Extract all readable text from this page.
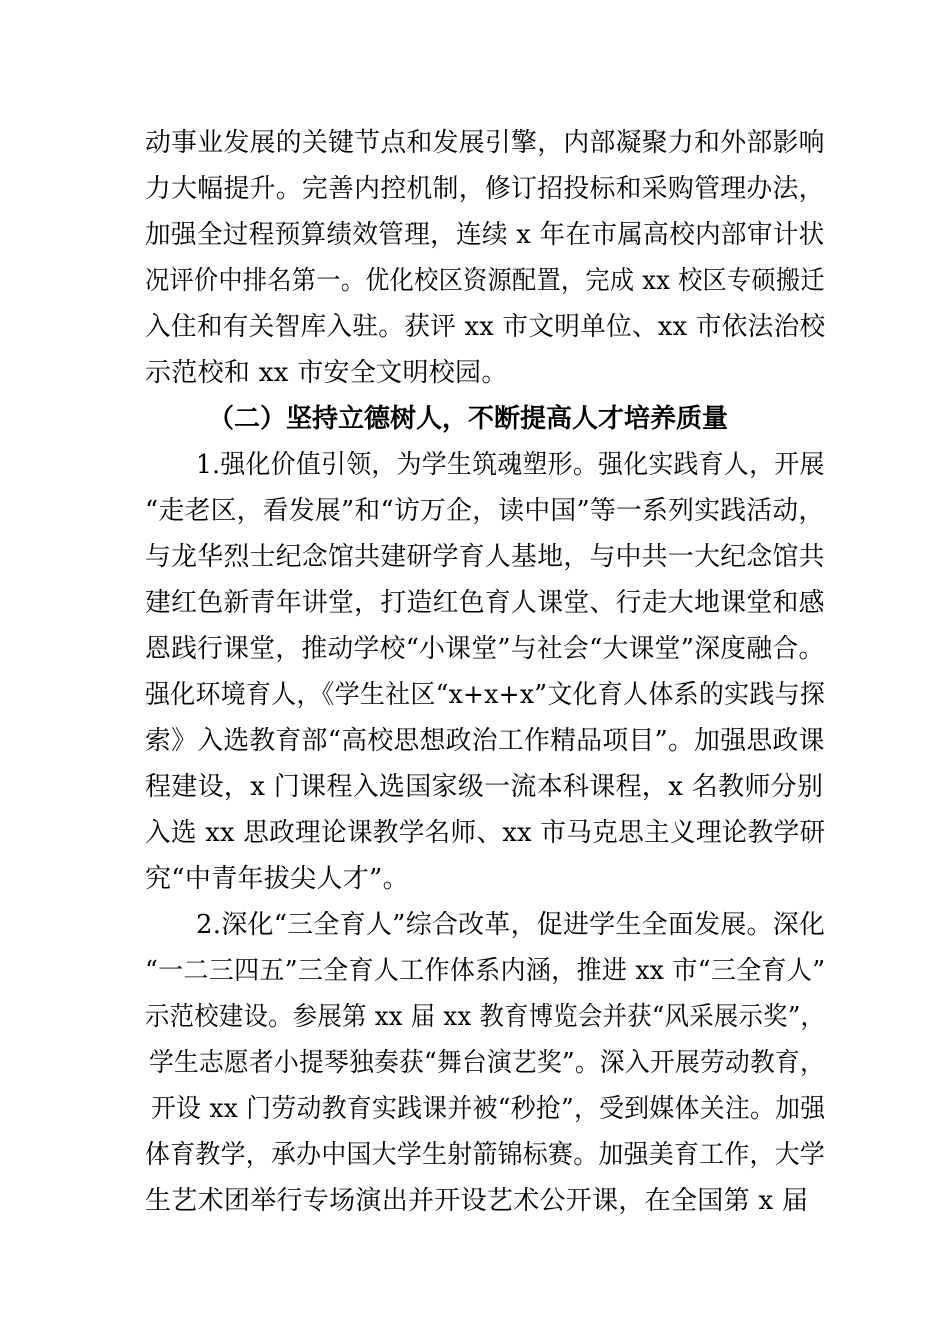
动事业发展的关键节点和发展引擎，内部凝聚力和外部影响
力大幅提升。完善内控机制，修订招投标和采购管理办法，
加强全过程预算绩效管理，连续 x 年在市属高校内部审计状
况评价中排名第一。优化校区资源配置，完成 xx 校区专硕搬迁
入住和有关智库入驻。获评 xx 市文明单位、xx 市依法治校
示范校和 xx 市安全文明校园。
（二）坚持立德树人，不断提高人才培养质量
1.强化价值引领，为学生筑魂塑形。强化实践育人，开展
“走老区，看发展”和“访万企，读中国”等一系列实践活动，
与龙华烈士纪念馆共建研学育人基地，与中共一大纪念馆共
建红色新青年讲堂，打造红色育人课堂、行走大地课堂和感
恩践行课堂，推动学校“小课堂”与社会“大课堂”深度融合。
强化环境育人，《学生社区“x+x+x”文化育人体系的实践与探
索》入选教育部“高校思想政治工作精品项目”。加强思政课
程建设，x 门课程入选国家级一流本科课程，x 名教师分别
入选 xx 思政理论课教学名师、xx 市马克思主义理论教学研
究“中青年拔尖人才”。
2.深化“三全育人”综合改革，促进学生全面发展。深化
“一二三四五”三全育人工作体系内涵，推进 xx 市“三全育人”
示范校建设。参展第 xx 届 xx 教育博览会并获“风采展示奖”，
学生志愿者小提琴独奏获“舞台演艺奖”。深入开展劳动教育，
开设 xx 门劳动教育实践课并被“秒抢”，受到媒体关注。加强
体育教学，承办中国大学生射箭锦标赛。加强美育工作，大学
生艺术团举行专场演出并开设艺术公开课，在全国第 x 届
